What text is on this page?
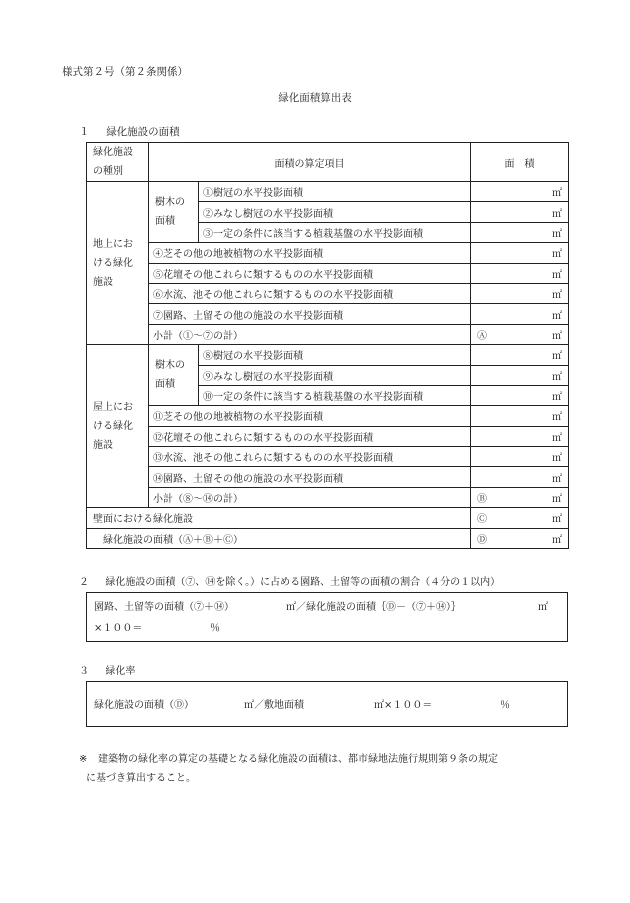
様式第２号（第２条関係）
緑化面積算出表
１ 緑化施設の面積
緑化施設の種別	面積の算定項目		面　積
地上における緑化施設	樹木の面積	①樹冠の水平投影面積	㎡
		②みなし樹冠の水平投影面積	㎡
		③一定の条件に該当する植栽基盤の水平投影面積	㎡
	④芝その他の地被植物の水平投影面積		㎡
	⑤花壇その他これらに類するものの水平投影面積		㎡
	⑥水流、池その他これらに類するものの水平投影面積		㎡
	⑦園路、土留その他の施設の水平投影面積		㎡
	小計（①～⑦の計）		Ⓐ ㎡

屋上における緑化施設	樹木の面積	⑧樹冠の水平投影面積	㎡
		⑨みなし樹冠の水平投影面積	㎡
		⑩一定の条件に該当する植栽基盤の水平投影面積	㎡
	⑪芝その他の地被植物の水平投影面積		㎡
	⑫花壇その他これらに類するものの水平投影面積		㎡
	⑬水流、池その他これらに類するものの水平投影面積		㎡
	⑭園路、土留その他の施設の水平投影面積		㎡
	小計（⑧～⑭の計）		Ⓑ ㎡

壁面における緑化施設			Ⓒ ㎡

緑化施設の面積（Ⓐ＋Ⓑ＋Ⓒ）			Ⓓ ㎡
２ 緑化施設の面積（⑦、⑭を除く。）に占める園路、土留等の面積の割合（４分の１以内）
園路、土留等の面積（⑦＋⑭）	㎡／緑化施設の面積｛Ⓓ－（⑦＋⑭）｝	㎡
×１００＝	％
３ 緑化率
緑化施設の面積（Ⓓ）	㎡／敷地面積	㎡×１００＝	％
※ 建築物の緑化率の算定の基礎となる緑化施設の面積は、都市緑地法施行規則第９条の規定
に基づき算出すること。
